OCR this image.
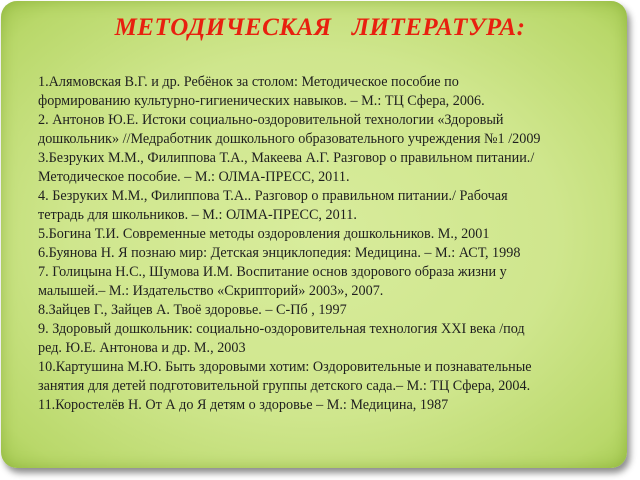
МЕТОДИЧЕСКАЯ   ЛИТЕРАТУРА:
1.Алямовская В.Г. и др. Ребёнок за столом: Методическое пособие по
формированию культурно-гигиенических навыков. – М.: ТЦ Сфера, 2006.
2. Антонов Ю.Е. Истоки социально-оздоровительной технологии «Здоровый
дошкольник» //Медработник дошкольного образовательного учреждения №1 /2009
3.Безруких М.М., Филиппова Т.А., Макеева А.Г. Разговор о правильном питании./
Методическое пособие. – М.: ОЛМА-ПРЕСС, 2011.
4. Безруких М.М., Филиппова Т.А.. Разговор о правильном питании./ Рабочая
тетрадь для школьников. – М.: ОЛМА-ПРЕСС, 2011.
5.Богина Т.И. Современные методы оздоровления дошкольников. М., 2001
6.Буянова Н. Я познаю мир: Детская энциклопедия: Медицина. – М.: АСТ, 1998
7. Голицына Н.С., Шумова И.М. Воспитание основ здорового образа жизни у
малышей.– М.: Издательство «Скрипторий» 2003», 2007.
8.Зайцев Г., Зайцев А. Твоё здоровье. – С-Пб , 1997
9. Здоровый дошкольник: социально-оздоровительная технология XXI века /под
ред. Ю.Е. Антонова и др. М., 2003
10.Картушина М.Ю. Быть здоровыми хотим: Оздоровительные и познавательные
занятия для детей подготовительной группы детского сада.– М.: ТЦ Сфера, 2004.
11.Коростелёв Н. От А до Я детям о здоровье – М.: Медицина, 1987
